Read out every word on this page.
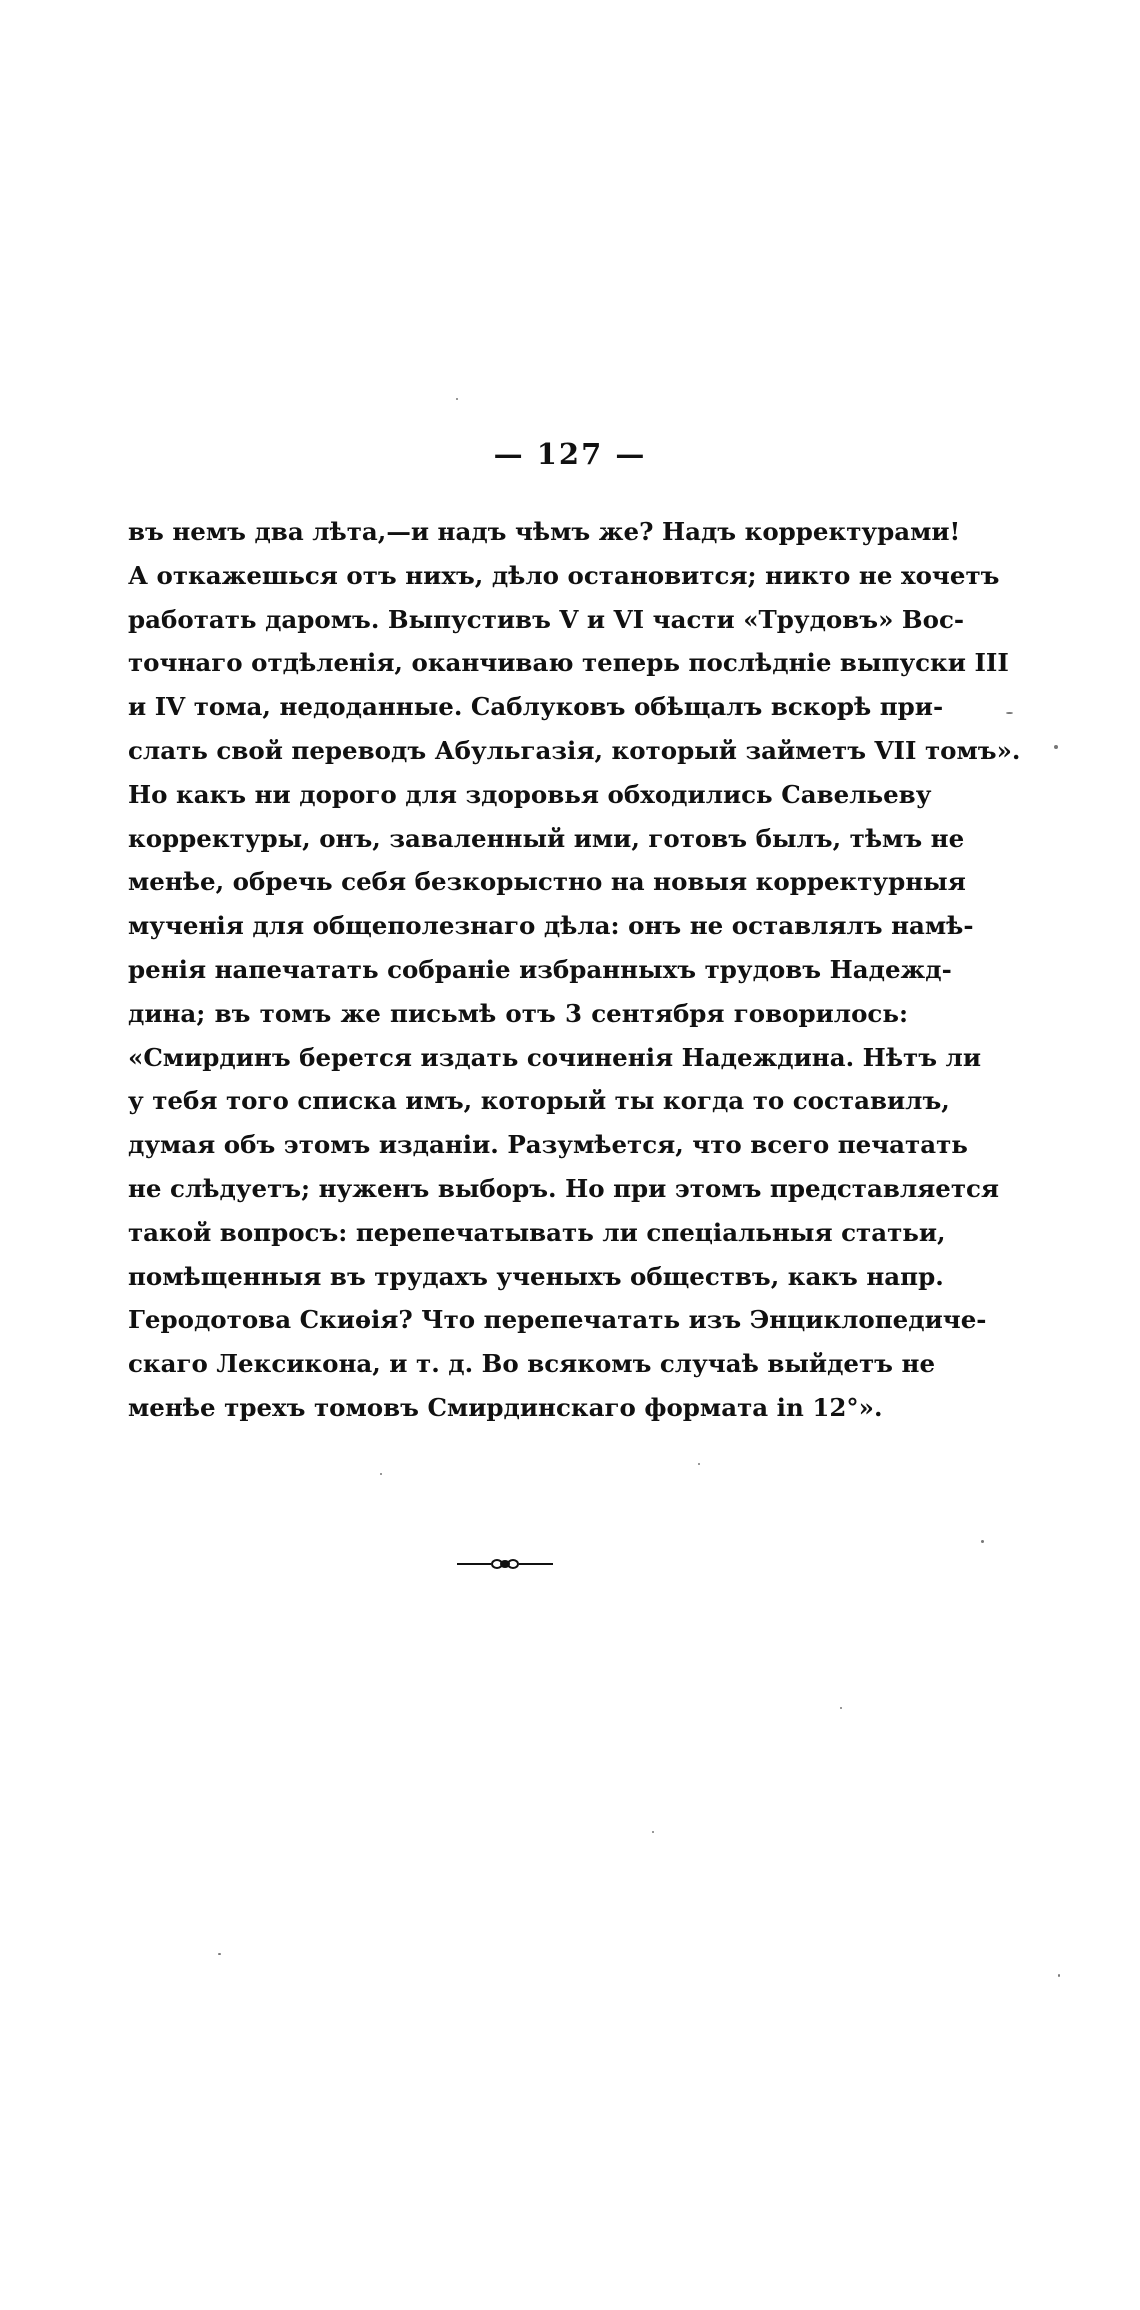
— 127 —
въ немъ два лѣта,—и надъ чѣмъ же? Надъ корректурами!
А откажешься отъ нихъ, дѣло остановится; никто не хочетъ
работать даромъ. Выпустивъ V и VI части «Трудовъ» Вос-
точнаго отдѣленія, оканчиваю теперь послѣдніе выпуски III
и IV тома, недоданные. Саблуковъ обѣщалъ вскорѣ при-
слать свой переводъ Абульгазія, который займетъ VII томъ».
Но какъ ни дорого для здоровья обходились Савельеву
корректуры, онъ, заваленный ими, готовъ былъ, тѣмъ не
менѣе, обречь себя безкорыстно на новыя корректурныя
мученія для общеполезнаго дѣла: онъ не оставлялъ намѣ-
ренія напечатать собраніе избранныхъ трудовъ Надежд-
дина; въ томъ же письмѣ отъ 3 сентября говорилось:
«Смирдинъ берется издать сочиненія Надеждина. Нѣтъ ли
у тебя того списка имъ, который ты когда то составилъ,
думая объ этомъ изданіи. Разумѣется, что всего печатать
не слѣдуетъ; нуженъ выборъ. Но при этомъ представляется
такой вопросъ: перепечатывать ли спеціальныя статьи,
помѣщенныя въ трудахъ ученыхъ обществъ, какъ напр.
Геродотова Скиѳія? Что перепечатать изъ Энциклопедиче-
скаго Лексикона, и т. д. Во всякомъ случаѣ выйдетъ не
менѣе трехъ томовъ Смирдинскаго формата in 12°».
